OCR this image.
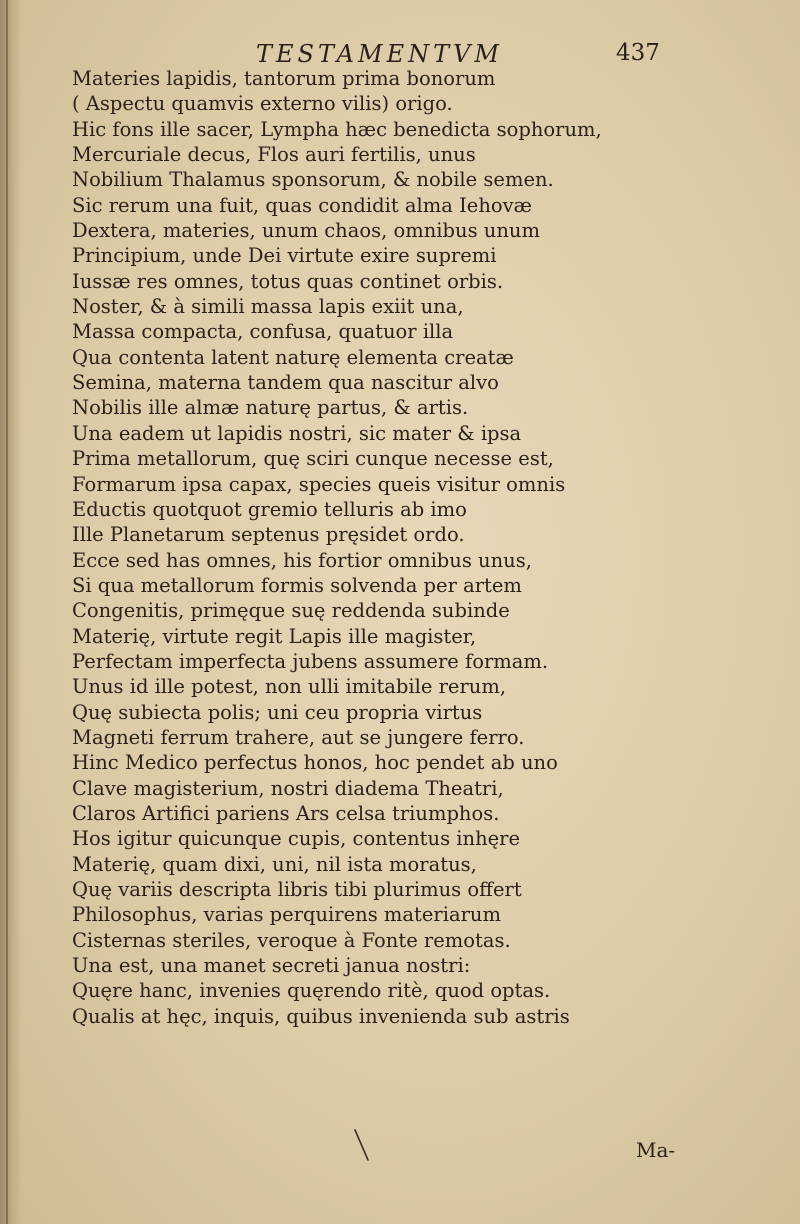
TESTAMENTVM	437
Materies lapidis, tantorum prima bonorum
( Aspectu quamvis externo vilis) origo.
Hic fons ille sacer, Lympha hæc benedicta sophorum,
Mercuriale decus, Flos auri fertilis, unus
Nobilium Thalamus sponsorum, & nobile semen.
Sic rerum una fuit, quas condidit alma Iehovæ
Dextera, materies, unum chaos, omnibus unum
Principium, unde Dei virtute exire supremi
Iussæ res omnes, totus quas continet orbis.
Noster, & à simili massa lapis exiit una,
Massa compacta, confusa, quatuor illa
Qua contenta latent naturę elementa creatæ
Semina, materna tandem qua nascitur alvo
Nobilis ille almæ naturę partus, & artis.
Una eadem ut lapidis nostri, sic mater & ipsa
Prima metallorum, quę sciri cunque necesse est,
Formarum ipsa capax, species queis visitur omnis
Eductis quotquot gremio telluris ab imo
Ille Planetarum septenus pręsidet ordo.
Ecce sed has omnes, his fortior omnibus unus,
Si qua metallorum formis solvenda per artem
Congenitis, primęque suę reddenda subinde
Materię, virtute regit Lapis ille magister,
Perfectam imperfecta jubens assumere formam.
Unus id ille potest, non ulli imitabile rerum,
Quę subiecta polis; uni ceu propria virtus
Magneti ferrum trahere, aut se jungere ferro.
Hinc Medico perfectus honos, hoc pendet ab uno
Clave magisterium, nostri diadema Theatri,
Claros Artifici pariens Ars celsa triumphos.
Hos igitur quicunque cupis, contentus inhęre
Materię, quam dixi, uni, nil ista moratus,
Quę variis descripta libris tibi plurimus offert
Philosophus, varias perquirens materiarum
Cisternas steriles, veroque à Fonte remotas.
Una est, una manet secreti janua nostri:
Quęre hanc, invenies quęrendo ritè, quod optas.
Qualis at hęc, inquis, quibus invenienda sub astris
Ma-
